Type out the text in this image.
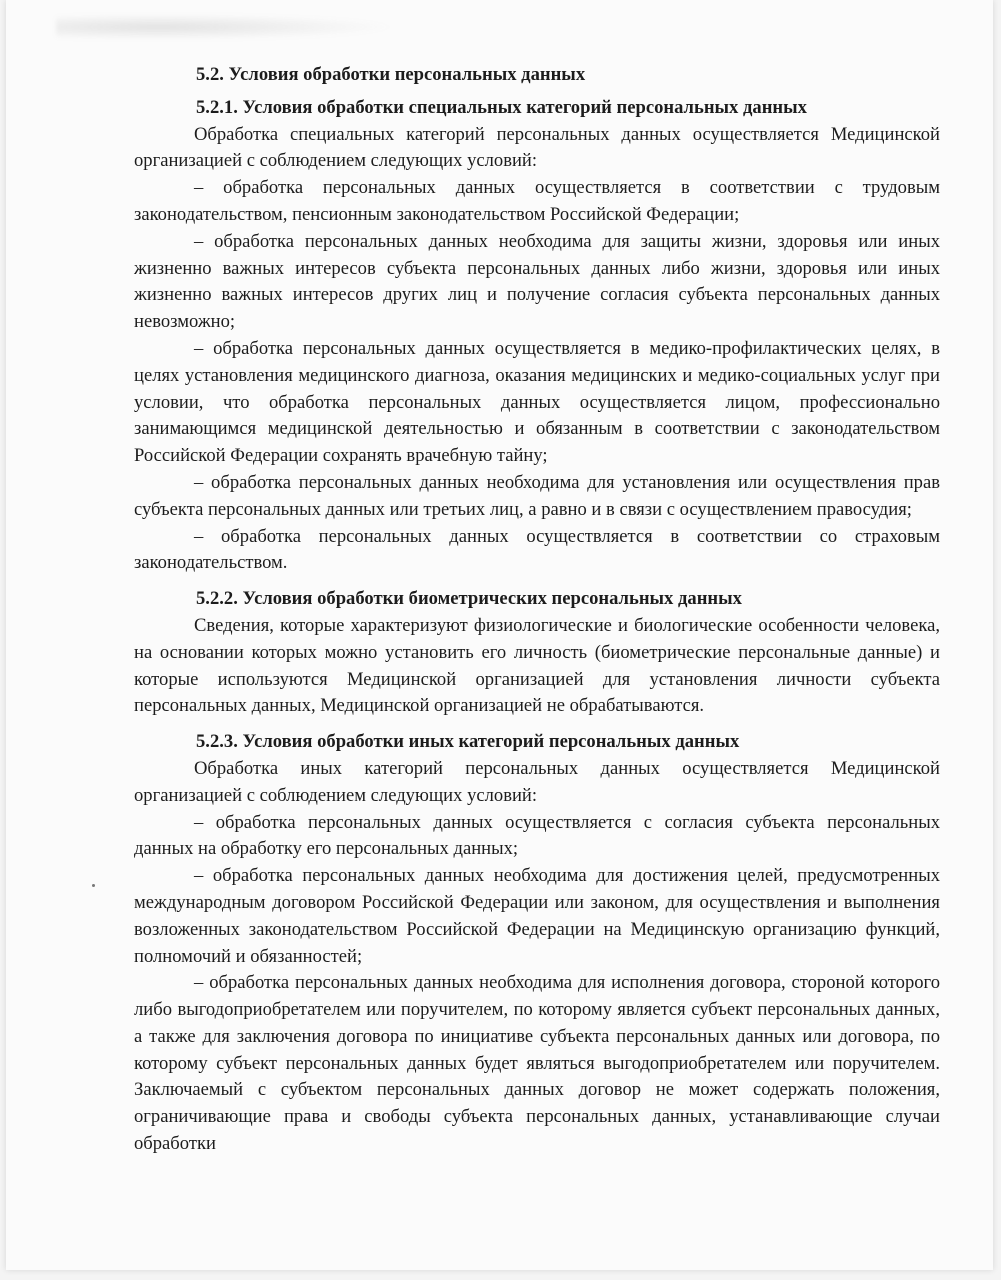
5.2. Условия обработки персональных данных
5.2.1. Условия обработки специальных категорий персональных данных

Обработка специальных категорий персональных данных осуществляется Медицинской организацией с соблюдением следующих условий:

– обработка персональных данных осуществляется в соответствии с трудовым законодательством, пенсионным законодательством Российской Федерации;

– обработка персональных данных необходима для защиты жизни, здоровья или иных жизненно важных интересов субъекта персональных данных либо жизни, здоровья или иных жизненно важных интересов других лиц и получение согласия субъекта персональных данных невозможно;

– обработка персональных данных осуществляется в медико-профилактических целях, в целях установления медицинского диагноза, оказания медицинских и медико-социальных услуг при условии, что обработка персональных данных осуществляется лицом, профессионально занимающимся медицинской деятельностью и обязанным в соответствии с законодательством Российской Федерации сохранять врачебную тайну;

– обработка персональных данных необходима для установления или осуществления прав субъекта персональных данных или третьих лиц, а равно и в связи с осуществлением правосудия;

– обработка персональных данных осуществляется в соответствии со страховым законодательством.

5.2.2. Условия обработки биометрических персональных данных

Сведения, которые характеризуют физиологические и биологические особенности человека, на основании которых можно установить его личность (биометрические персональные данные) и которые используются Медицинской организацией для установления личности субъекта персональных данных, Медицинской организацией не обрабатываются.

5.2.3. Условия обработки иных категорий персональных данных

Обработка иных категорий персональных данных осуществляется Медицинской организацией с соблюдением следующих условий:

– обработка персональных данных осуществляется с согласия субъекта персональных данных на обработку его персональных данных;

– обработка персональных данных необходима для достижения целей, предусмотренных международным договором Российской Федерации или законом, для осуществления и выполнения возложенных законодательством Российской Федерации на Медицинскую организацию функций, полномочий и обязанностей;

– обработка персональных данных необходима для исполнения договора, стороной которого либо выгодоприобретателем или поручителем, по которому является субъект персональных данных, а также для заключения договора по инициативе субъекта персональных данных или договора, по которому субъект персональных данных будет являться выгодоприобретателем или поручителем. Заключаемый с субъектом персональных данных договор не может содержать положения, ограничивающие права и свободы субъекта персональных данных, устанавливающие случаи обработки
